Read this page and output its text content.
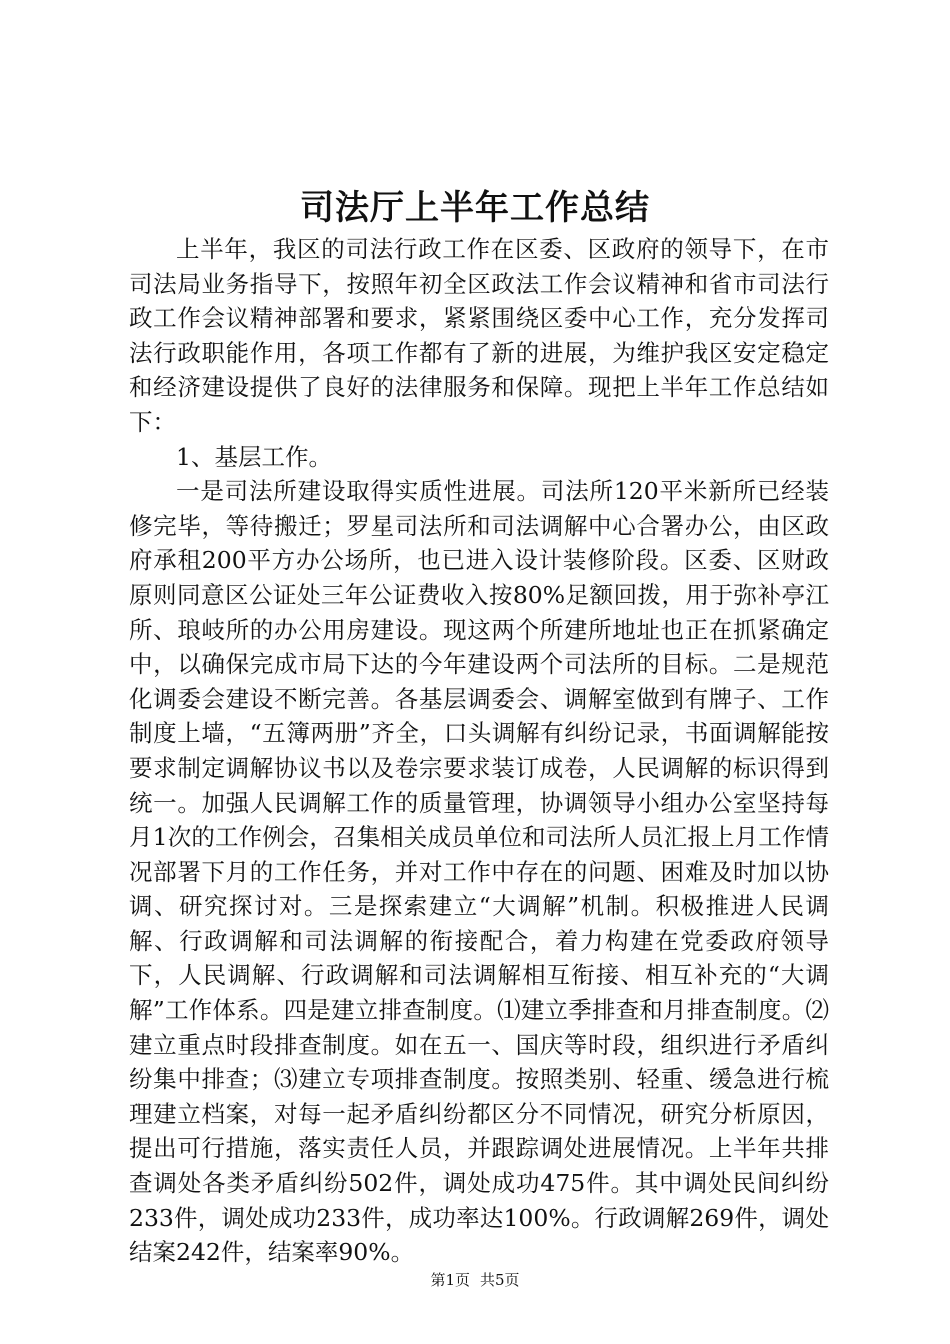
司法厅上半年工作总结

上半年，我区的司法行政工作在区委、区政府的领导下，在市司法局业务指导下，按照年初全区政法工作会议精神和省市司法行政工作会议精神部署和要求，紧紧围绕区委中心工作，充分发挥司法行政职能作用，各项工作都有了新的进展，为维护我区安定稳定和经济建设提供了良好的法律服务和保障。现把上半年工作总结如下：

1、基层工作。

一是司法所建设取得实质性进展。司法所120平米新所已经装修完毕，等待搬迁；罗星司法所和司法调解中心合署办公，由区政府承租200平方办公场所，也已进入设计装修阶段。区委、区财政原则同意区公证处三年公证费收入按80%足额回拨，用于弥补亭江所、琅岐所的办公用房建设。现这两个所建所地址也正在抓紧确定中，以确保完成市局下达的今年建设两个司法所的目标。二是规范化调委会建设不断完善。各基层调委会、调解室做到有牌子、工作制度上墙，“五簿两册”齐全，口头调解有纠纷记录，书面调解能按要求制定调解协议书以及卷宗要求装订成卷，人民调解的标识得到统一。加强人民调解工作的质量管理，协调领导小组办公室坚持每月1次的工作例会，召集相关成员单位和司法所人员汇报上月工作情况部署下月的工作任务，并对工作中存在的问题、困难及时加以协调、研究探讨对。三是探索建立“大调解”机制。积极推进人民调解、行政调解和司法调解的衔接配合，着力构建在党委政府领导下，人民调解、行政调解和司法调解相互衔接、相互补充的“大调解”工作体系。四是建立排查制度。⑴建立季排查和月排查制度。⑵建立重点时段排查制度。如在五一、国庆等时段，组织进行矛盾纠纷集中排查；⑶建立专项排查制度。按照类别、轻重、缓急进行梳理建立档案，对每一起矛盾纠纷都区分不同情况，研究分析原因，提出可行措施，落实责任人员，并跟踪调处进展情况。上半年共排查调处各类矛盾纠纷502件，调处成功475件。其中调处民间纠纷233件，调处成功233件，成功率达100%。行政调解269件，调处结案242件，结案率90%。

第1页 共5页
